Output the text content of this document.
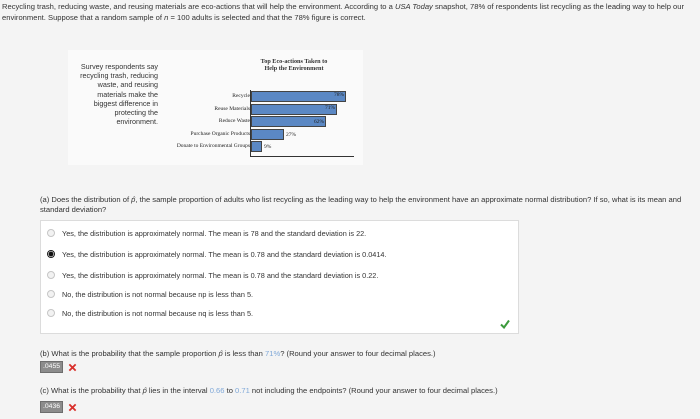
Recycling trash, reducing waste, and reusing materials are eco-actions that will help the environment. According to a USA Today snapshot, 78% of respondents list recycling as the leading way to help our environment. Suppose that a random sample of n = 100 adults is selected and that the 78% figure is correct.
Survey respondents say recycling trash, reducing waste, and reusing materials make the biggest difference in protecting the environment.
Top Eco-actions Taken to Help the Environment
Recycle
Reuse Materials
Reduce Waste
Purchase Organic Products
Donate to Environmental Groups
78%
71%
62%
27%
9%
(a) Does the distribution of p̂, the sample proportion of adults who list recycling as the leading way to help the environment have an approximate normal distribution? If so, what is its mean and standard deviation?
Yes, the distribution is approximately normal. The mean is 78 and the standard deviation is 22.
Yes, the distribution is approximately normal. The mean is 0.78 and the standard deviation is 0.0414.
Yes, the distribution is approximately normal. The mean is 0.78 and the standard deviation is 0.22.
No, the distribution is not normal because np is less than 5.
No, the distribution is not normal because nq is less than 5.
(b) What is the probability that the sample proportion p̂ is less than 71%? (Round your answer to four decimal places.)
.0455
(c) What is the probability that p̂ lies in the interval 0.66 to 0.71 not including the endpoints? (Round your answer to four decimal places.)
.0436
